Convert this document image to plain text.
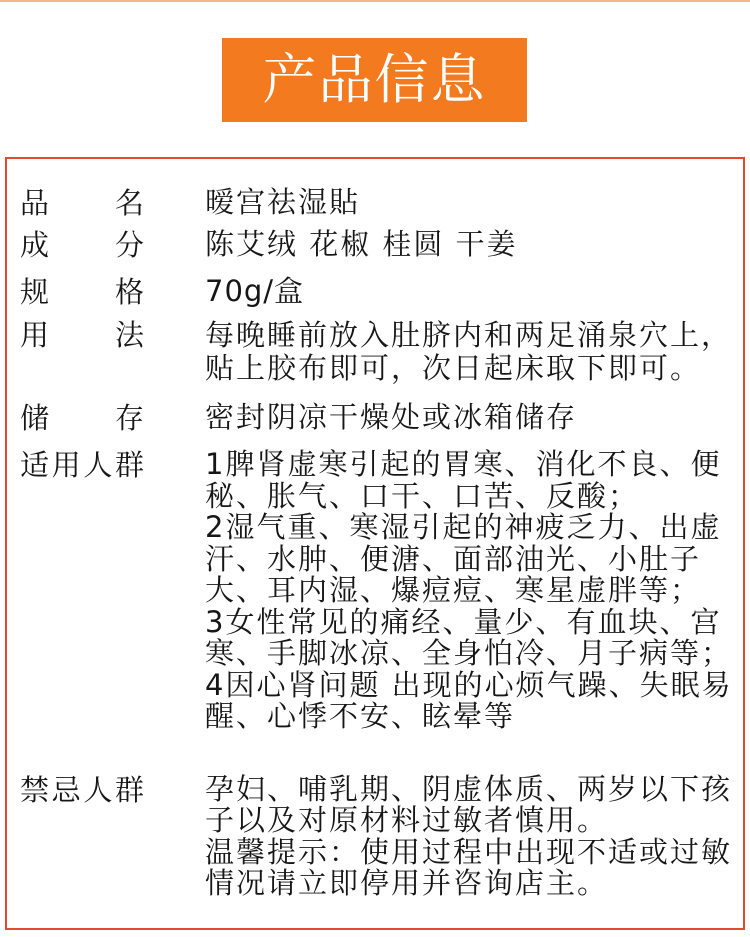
产品信息
品 名 暧宫祛湿貼
成 分 陈艾绒 花椒 桂圆 干姜
规 格 70g/盒
用 法 每晚睡前放入肚脐内和两足涌泉穴上，
贴上胶布即可，次日起床取下即可。
储 存 密封阴凉干燥处或冰箱储存
适 用 人 群 1脾肾虚寒引起的胃寒、消化不良、便
秘、胀气、口干、口苦、反酸；
2湿气重、寒湿引起的神疲乏力、出虚
汗、水肿、便溏、面部油光、小肚子
大、耳内湿、爆痘痘、寒星虚胖等；
3女性常见的痛经、量少、有血块、宫
寒、手脚冰凉、全身怕冷、月子病等；
4因心肾问题 出现的心烦气躁、失眠易
醒、心悸不安、眩晕等
禁 忌 人 群 孕妇、哺乳期、阴虚体质、两岁以下孩
子以及对原材料过敏者慎用。
温馨提示：使用过程中出现不适或过敏
情况请立即停用并咨询店主。
